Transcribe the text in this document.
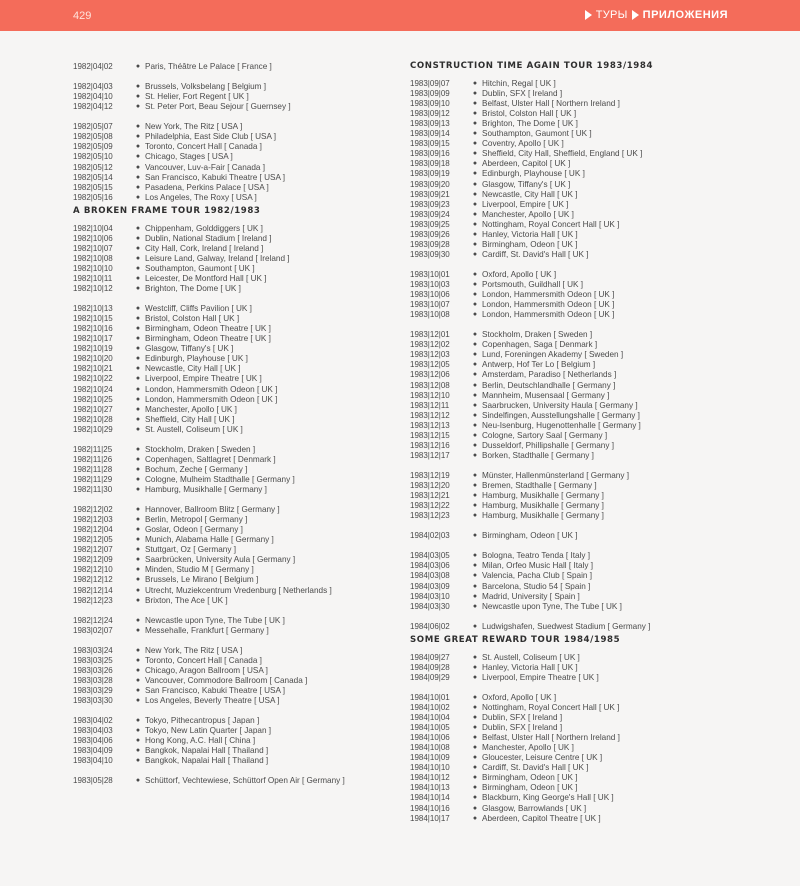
429	ТУРЫ ПРИЛОЖЕНИЯ
1982|04|02	● Paris, Théâtre Le Palace [ France ]
1982|04|03	● Brussels, Volksbelang [ Belgium ]
1982|04|10	● St. Helier, Fort Regent [ UK ]
1982|04|12	● St. Peter Port, Beau Sejour [ Guernsey ]
1982|05|07	● New York, The Ritz [ USA ]
1982|05|08	● Philadelphia, East Side Club [ USA ]
1982|05|09	● Toronto, Concert Hall [ Canada ]
1982|05|10	● Chicago, Stages [ USA ]
1982|05|12	● Vancouver, Luv-a-Fair [ Canada ]
1982|05|14	● San Francisco, Kabuki Theatre [ USA ]
1982|05|15	● Pasadena, Perkins Palace [ USA ]
1982|05|16	● Los Angeles, The Roxy [ USA ]
A BROKEN FRAME TOUR 1982/1983
1982|10|04	● Chippenham, Golddiggers [ UK ]
1982|10|06	● Dublin, National Stadium [ Ireland ]
1982|10|07	● City Hall, Cork, Ireland [ Ireland ]
1982|10|08	● Leisure Land, Galway, Ireland [ Ireland ]
1982|10|10	● Southampton, Gaumont [ UK ]
1982|10|11	● Leicester, De Montford Hall [ UK ]
1982|10|12	● Brighton, The Dome [ UK ]
1982|10|13	● Westcliff, Cliffs Pavilion [ UK ]
1982|10|15	● Bristol, Colston Hall [ UK ]
1982|10|16	● Birmingham, Odeon Theatre [ UK ]
1982|10|17	● Birmingham, Odeon Theatre [ UK ]
1982|10|19	● Glasgow, Tiffany's [ UK ]
1982|10|20	● Edinburgh, Playhouse [ UK ]
1982|10|21	● Newcastle, City Hall [ UK ]
1982|10|22	● Liverpool, Empire Theatre [ UK ]
1982|10|24	● London, Hammersmith Odeon [ UK ]
1982|10|25	● London, Hammersmith Odeon [ UK ]
1982|10|27	● Manchester, Apollo [ UK ]
1982|10|28	● Sheffield, City Hall [ UK ]
1982|10|29	● St. Austell, Coliseum [ UK ]
1982|11|25	● Stockholm, Draken [ Sweden ]
1982|11|26	● Copenhagen, Saltlagret [ Denmark ]
1982|11|28	● Bochum, Zeche [ Germany ]
1982|11|29	● Cologne, Mulheim Stadthalle [ Germany ]
1982|11|30	● Hamburg, Musikhalle [ Germany ]
1982|12|02	● Hannover, Ballroom Blitz [ Germany ]
1982|12|03	● Berlin, Metropol [ Germany ]
1982|12|04	● Goslar, Odeon [ Germany ]
1982|12|05	● Munich, Alabama Halle [ Germany ]
1982|12|07	● Stuttgart, Oz [ Germany ]
1982|12|09	● Saarbrücken, University Aula [ Germany ]
1982|12|10	● Minden, Studio M [ Germany ]
1982|12|12	● Brussels, Le Mirano [ Belgium ]
1982|12|14	● Utrecht, Muziekcentrum Vredenburg [ Netherlands ]
1982|12|23	● Brixton, The Ace [ UK ]
1982|12|24	● Newcastle upon Tyne, The Tube [ UK ]
1983|02|07	● Messehalle, Frankfurt [ Germany ]
1983|03|24	● New York, The Ritz [ USA ]
1983|03|25	● Toronto, Concert Hall [ Canada ]
1983|03|26	● Chicago, Aragon Ballroom [ USA ]
1983|03|28	● Vancouver, Commodore Ballroom [ Canada ]
1983|03|29	● San Francisco, Kabuki Theatre [ USA ]
1983|03|30	● Los Angeles, Beverly Theatre [ USA ]
1983|04|02	● Tokyo, Pithecantropus [ Japan ]
1983|04|03	● Tokyo, New Latin Quarter [ Japan ]
1983|04|06	● Hong Kong, A.C. Hall [ China ]
1983|04|09	● Bangkok, Napalai Hall [ Thailand ]
1983|04|10	● Bangkok, Napalai Hall [ Thailand ]
1983|05|28	● Schüttorf, Vechtewiese, Schüttorf Open Air [ Germany ]
CONSTRUCTION TIME AGAIN TOUR 1983/1984
1983|09|07	● Hitchin, Regal [ UK ]
1983|09|09	● Dublin, SFX [ Ireland ]
1983|09|10	● Belfast, Ulster Hall [ Northern Ireland ]
1983|09|12	● Bristol, Colston Hall [ UK ]
1983|09|13	● Brighton, The Dome [ UK ]
1983|09|14	● Southampton, Gaumont [ UK ]
1983|09|15	● Coventry, Apollo [ UK ]
1983|09|16	● Sheffield, City Hall, Sheffield, England [ UK ]
1983|09|18	● Aberdeen, Capitol [ UK ]
1983|09|19	● Edinburgh, Playhouse [ UK ]
1983|09|20	● Glasgow, Tiffany's [ UK ]
1983|09|21	● Newcastle, City Hall [ UK ]
1983|09|23	● Liverpool, Empire [ UK ]
1983|09|24	● Manchester, Apollo [ UK ]
1983|09|25	● Nottingham, Royal Concert Hall [ UK ]
1983|09|26	● Hanley, Victoria Hall [ UK ]
1983|09|28	● Birmingham, Odeon [ UK ]
1983|09|30	● Cardiff, St. David's Hall [ UK ]
1983|10|01	● Oxford, Apollo [ UK ]
1983|10|03	● Portsmouth, Guildhall [ UK ]
1983|10|06	● London, Hammersmith Odeon [ UK ]
1983|10|07	● London, Hammersmith Odeon [ UK ]
1983|10|08	● London, Hammersmith Odeon [ UK ]
1983|12|01	● Stockholm, Draken [ Sweden ]
1983|12|02	● Copenhagen, Saga [ Denmark ]
1983|12|03	● Lund, Foreningen Akademy [ Sweden ]
1983|12|05	● Antwerp, Hof Ter Lo [ Belgium ]
1983|12|06	● Amsterdam, Paradiso [ Netherlands ]
1983|12|08	● Berlin, Deutschlandhalle [ Germany ]
1983|12|10	● Mannheim, Musensaal [ Germany ]
1983|12|11	● Saarbrucken, University Haula [ Germany ]
1983|12|12	● Sindelfingen, Ausstellungshalle [ Germany ]
1983|12|13	● Neu-Isenburg, Hugenottenhalle [ Germany ]
1983|12|15	● Cologne, Sartory Saal [ Germany ]
1983|12|16	● Dusseldorf, Phillipshalle [ Germany ]
1983|12|17	● Borken, Stadthalle [ Germany ]
1983|12|19	● Münster, Hallenmünsterland [ Germany ]
1983|12|20	● Bremen, Stadthalle [ Germany ]
1983|12|21	● Hamburg, Musikhalle [ Germany ]
1983|12|22	● Hamburg, Musikhalle [ Germany ]
1983|12|23	● Hamburg, Musikhalle [ Germany ]
1984|02|03	● Birmingham, Odeon [ UK ]
1984|03|05	● Bologna, Teatro Tenda [ Italy ]
1984|03|06	● Milan, Orfeo Music Hall [ Italy ]
1984|03|08	● Valencia, Pacha Club [ Spain ]
1984|03|09	● Barcelona, Studio 54 [ Spain ]
1984|03|10	● Madrid, University [ Spain ]
1984|03|30	● Newcastle upon Tyne, The Tube [ UK ]
1984|06|02	● Ludwigshafen, Suedwest Stadium [ Germany ]
SOME GREAT REWARD TOUR 1984/1985
1984|09|27	● St. Austell, Coliseum [ UK ]
1984|09|28	● Hanley, Victoria Hall [ UK ]
1984|09|29	● Liverpool, Empire Theatre [ UK ]
1984|10|01	● Oxford, Apollo [ UK ]
1984|10|02	● Nottingham, Royal Concert Hall [ UK ]
1984|10|04	● Dublin, SFX [ Ireland ]
1984|10|05	● Dublin, SFX [ Ireland ]
1984|10|06	● Belfast, Ulster Hall [ Northern Ireland ]
1984|10|08	● Manchester, Apollo [ UK ]
1984|10|09	● Gloucester, Leisure Centre [ UK ]
1984|10|10	● Cardiff, St. David's Hall [ UK ]
1984|10|12	● Birmingham, Odeon [ UK ]
1984|10|13	● Birmingham, Odeon [ UK ]
1984|10|14	● Blackburn, King George's Hall [ UK ]
1984|10|16	● Glasgow, Barrowlands [ UK ]
1984|10|17	● Aberdeen, Capitol Theatre [ UK ]
